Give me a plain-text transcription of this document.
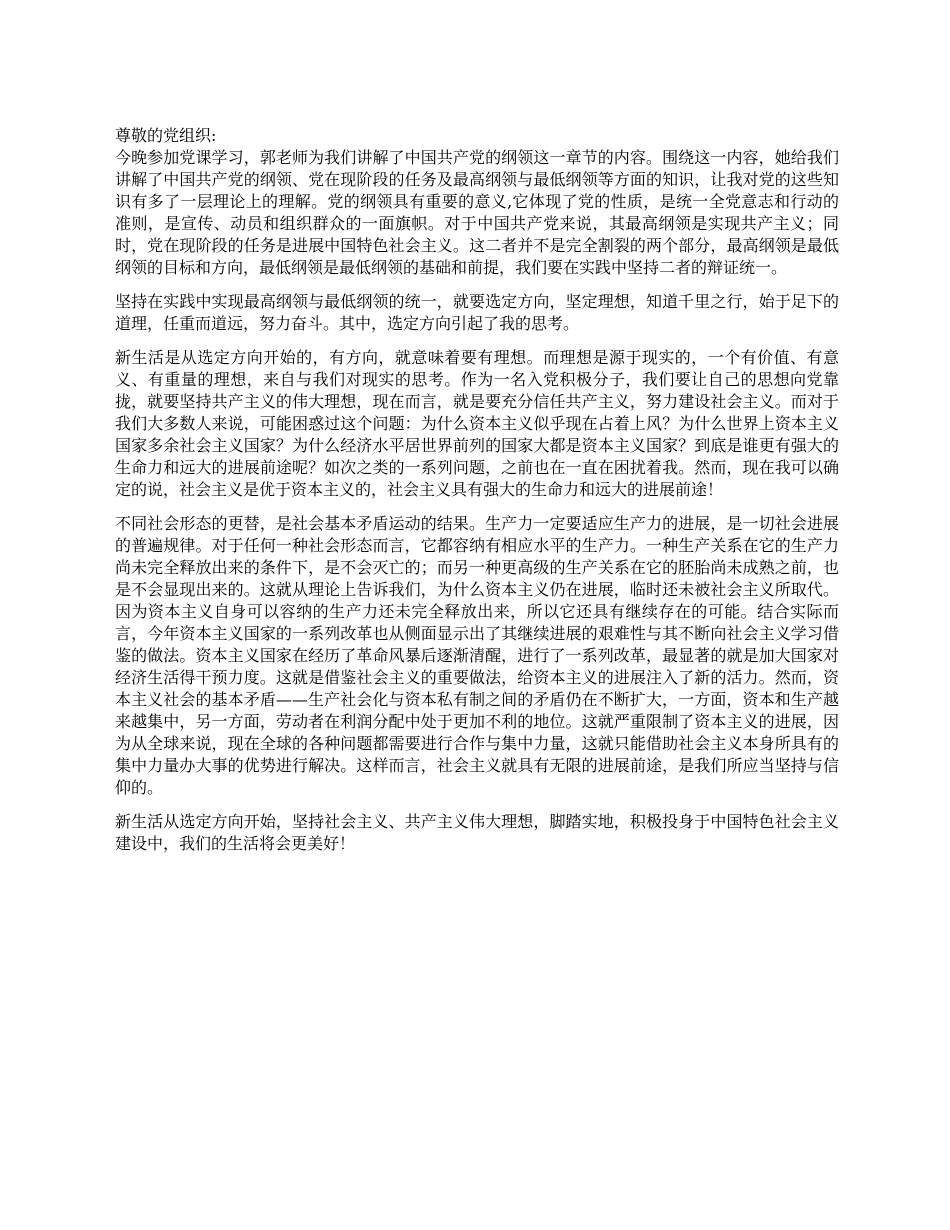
尊敬的党组织:

今晚参加党课学习，郭老师为我们讲解了中国共产党的纲领这一章节的内容。围绕这一内容，她给我们讲解了中国共产党的纲领、党在现阶段的任务及最高纲领与最低纲领等方面的知识，让我对党的这些知识有多了一层理论上的理解。党的纲领具有重要的意义,它体现了党的性质，是统一全党意志和行动的准则，是宣传、动员和组织群众的一面旗帜。对于中国共产党来说，其最高纲领是实现共产主义；同时，党在现阶段的任务是进展中国特色社会主义。这二者并不是完全割裂的两个部分，最高纲领是最低纲领的目标和方向，最低纲领是最低纲领的基础和前提，我们要在实践中坚持二者的辩证统一。

坚持在实践中实现最高纲领与最低纲领的统一，就要选定方向，坚定理想，知道千里之行，始于足下的道理，任重而道远，努力奋斗。其中，选定方向引起了我的思考。

新生活是从选定方向开始的，有方向，就意味着要有理想。而理想是源于现实的，一个有价值、有意义、有重量的理想，来自与我们对现实的思考。作为一名入党积极分子，我们要让自己的思想向党靠拢，就要坚持共产主义的伟大理想，现在而言，就是要充分信任共产主义，努力建设社会主义。而对于我们大多数人来说，可能困惑过这个问题：为什么资本主义似乎现在占着上风？为什么世界上资本主义国家多余社会主义国家？为什么经济水平居世界前列的国家大都是资本主义国家？到底是谁更有强大的生命力和远大的进展前途呢？如次之类的一系列问题，之前也在一直在困扰着我。然而，现在我可以确定的说，社会主义是优于资本主义的，社会主义具有强大的生命力和远大的进展前途！

不同社会形态的更替，是社会基本矛盾运动的结果。生产力一定要适应生产力的进展，是一切社会进展的普遍规律。对于任何一种社会形态而言，它都容纳有相应水平的生产力。一种生产关系在它的生产力尚未完全释放出来的条件下，是不会灭亡的；而另一种更高级的生产关系在它的胚胎尚未成熟之前，也是不会显现出来的。这就从理论上告诉我们，为什么资本主义仍在进展，临时还未被社会主义所取代。因为资本主义自身可以容纳的生产力还未完全释放出来，所以它还具有继续存在的可能。结合实际而言，今年资本主义国家的一系列改革也从侧面显示出了其继续进展的艰难性与其不断向社会主义学习借鉴的做法。资本主义国家在经历了革命风暴后逐渐清醒，进行了一系列改革，最显著的就是加大国家对经济生活得干预力度。这就是借鉴社会主义的重要做法，给资本主义的进展注入了新的活力。然而，资本主义社会的基本矛盾——生产社会化与资本私有制之间的矛盾仍在不断扩大，一方面，资本和生产越来越集中，另一方面，劳动者在利润分配中处于更加不利的地位。这就严重限制了资本主义的进展，因为从全球来说，现在全球的各种问题都需要进行合作与集中力量，这就只能借助社会主义本身所具有的集中力量办大事的优势进行解决。这样而言，社会主义就具有无限的进展前途，是我们所应当坚持与信仰的。

新生活从选定方向开始，坚持社会主义、共产主义伟大理想，脚踏实地，积极投身于中国特色社会主义建设中，我们的生活将会更美好！
